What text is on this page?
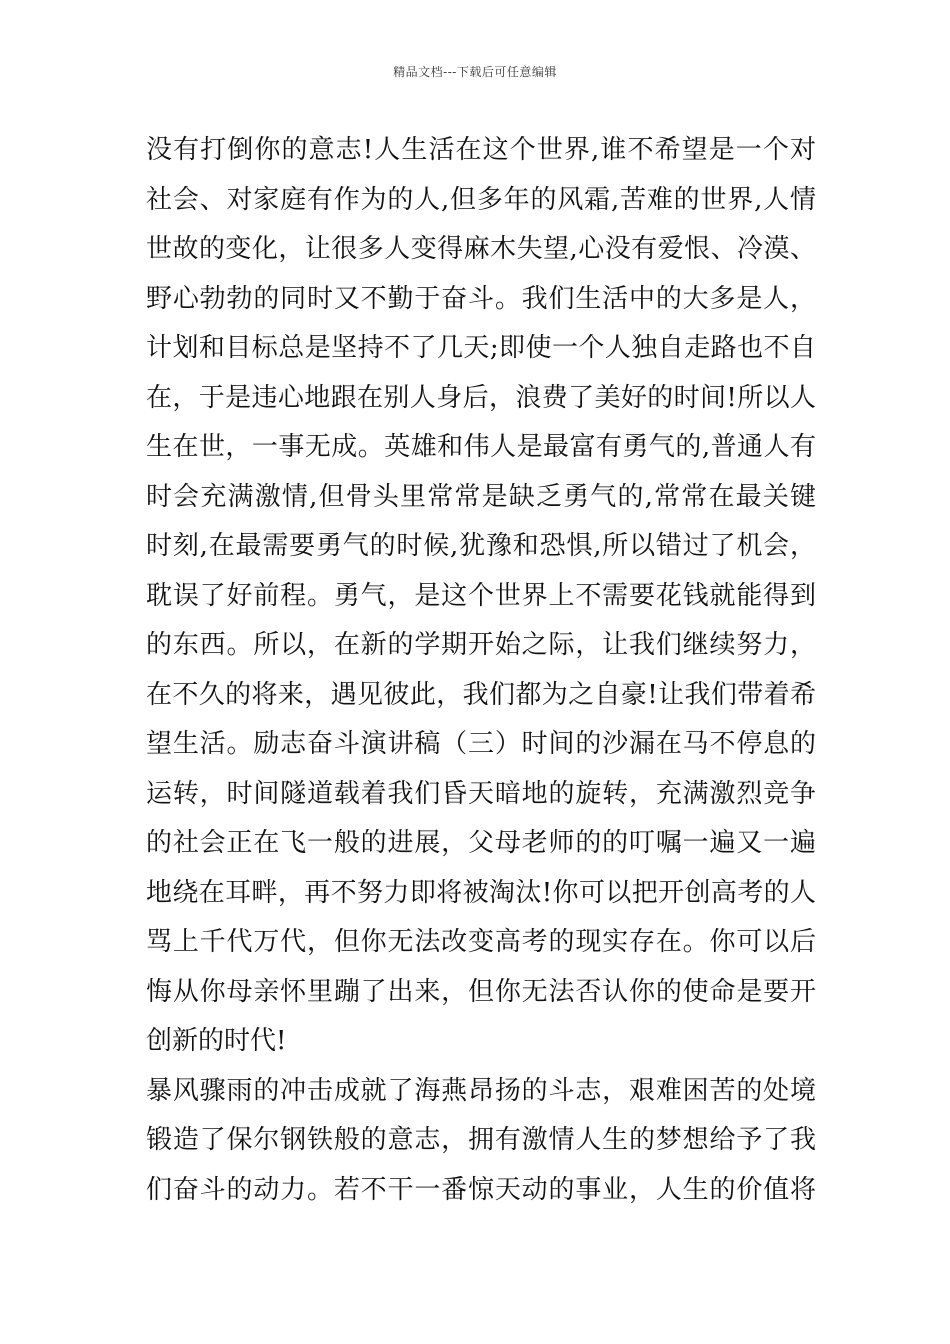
精品文档---下载后可任意编辑
没有打倒你的意志!人生活在这个世界,谁不希望是一个对
社会、对家庭有作为的人,但多年的风霜,苦难的世界,人情
世故的变化，让很多人变得麻木失望,心没有爱恨、冷漠、
野心勃勃的同时又不勤于奋斗。我们生活中的大多是人，
计划和目标总是坚持不了几天;即使一个人独自走路也不自
在，于是违心地跟在别人身后，浪费了美好的时间!所以人
生在世，一事无成。英雄和伟人是最富有勇气的,普通人有
时会充满激情,但骨头里常常是缺乏勇气的,常常在最关键
时刻,在最需要勇气的时候,犹豫和恐惧,所以错过了机会，
耽误了好前程。勇气，是这个世界上不需要花钱就能得到
的东西。所以，在新的学期开始之际，让我们继续努力，
在不久的将来，遇见彼此，我们都为之自豪!让我们带着希
望生活。励志奋斗演讲稿（三）时间的沙漏在马不停息的
运转，时间隧道载着我们昏天暗地的旋转，充满激烈竞争
的社会正在飞一般的进展，父母老师的的叮嘱一遍又一遍
地绕在耳畔，再不努力即将被淘汰!你可以把开创高考的人
骂上千代万代，但你无法改变高考的现实存在。你可以后
悔从你母亲怀里蹦了出来，但你无法否认你的使命是要开
创新的时代!
暴风骤雨的冲击成就了海燕昂扬的斗志，艰难困苦的处境
锻造了保尔钢铁般的意志，拥有激情人生的梦想给予了我
们奋斗的动力。若不干一番惊天动的事业，人生的价值将
